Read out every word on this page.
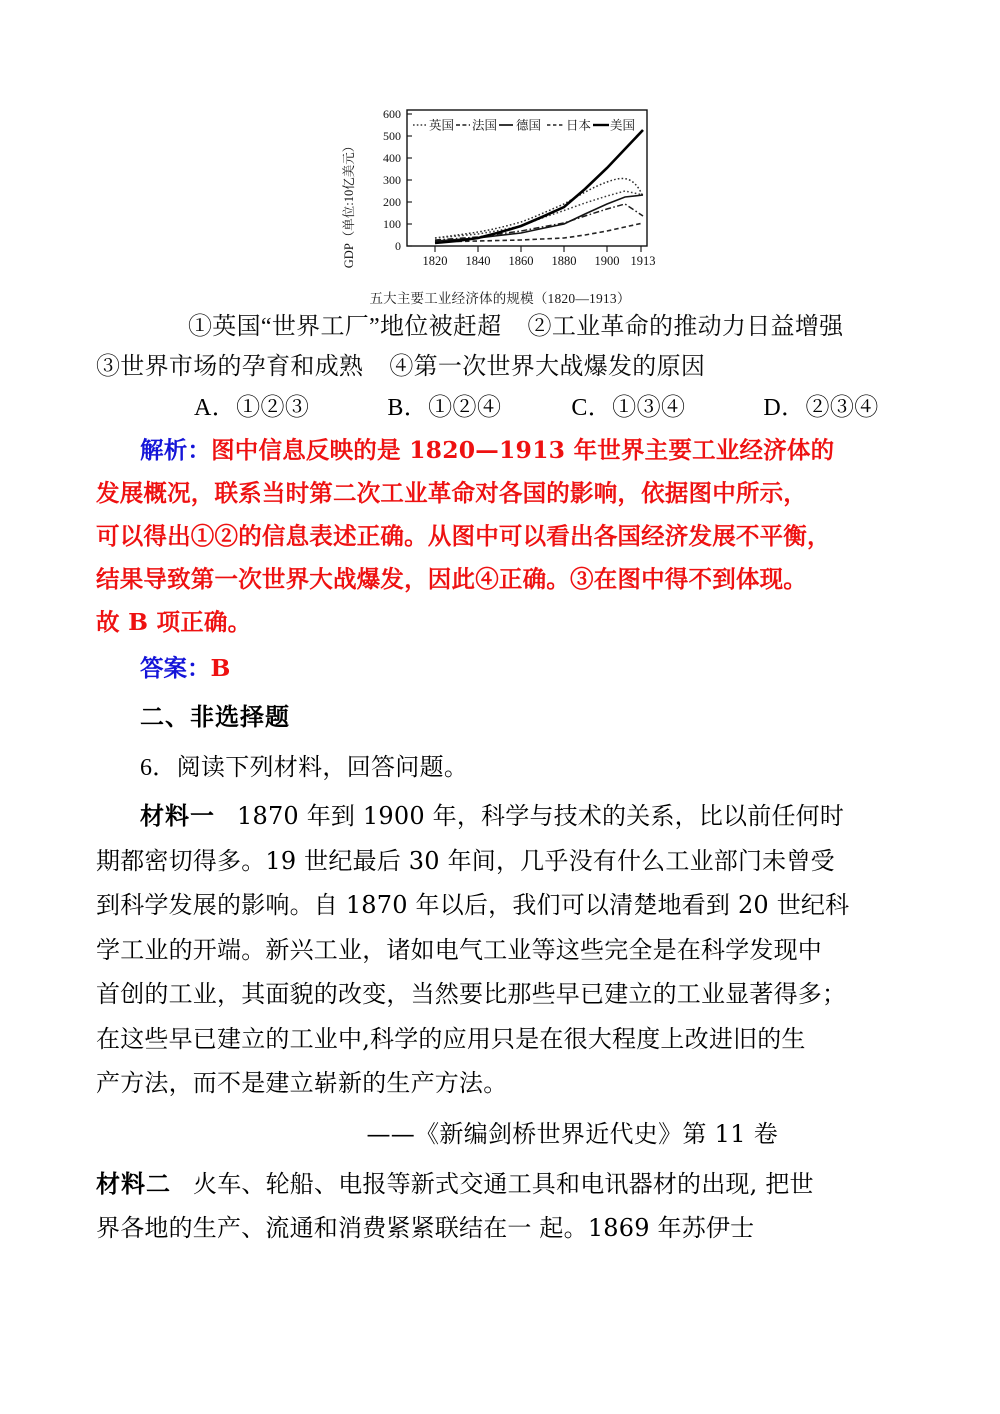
GDP（单位:10亿美元）
600
500
400
300
200
100
0
1820 1840 1860 1880 1900 1913
英国 法国 德国 日本 美国
五大主要工业经济体的规模（1820—1913）
①英国“世界工厂”地位被赶超 ②工业革命的推动力日益增强
③世界市场的孕育和成熟 ④第一次世界大战爆发的原因
A．①②③	B．①②④	C．①③④	D．②③④
解析：图中信息反映的是 1820—1913 年世界主要工业经济体的
发展概况，联系当时第二次工业革命对各国的影响，依据图中所示，
可以得出①②的信息表述正确。从图中可以看出各国经济发展不平衡，
结果导致第一次世界大战爆发，因此④正确。③在图中得不到体现。
故 B 项正确。
答案：B
二、非选择题
6．阅读下列材料，回答问题。
材料一 1870 年到 1900 年，科学与技术的关系，比以前任何时
期都密切得多。19 世纪最后 30 年间，几乎没有什么工业部门未曾受
到科学发展的影响。自 1870 年以后，我们可以清楚地看到 20 世纪科
学工业的开端。新兴工业，诸如电气工业等这些完全是在科学发现中
首创的工业，其面貌的改变，当然要比那些早已建立的工业显著得多；
在这些早已建立的工业中,科学的应用只是在很大程度上改进旧的生
产方法，而不是建立崭新的生产方法。
——《新编剑桥世界近代史》第 11 卷
材料二 火车、轮船、电报等新式交通工具和电讯器材的出现, 把世
界各地的生产、流通和消费紧紧联结在一 起。1869 年苏伊士
